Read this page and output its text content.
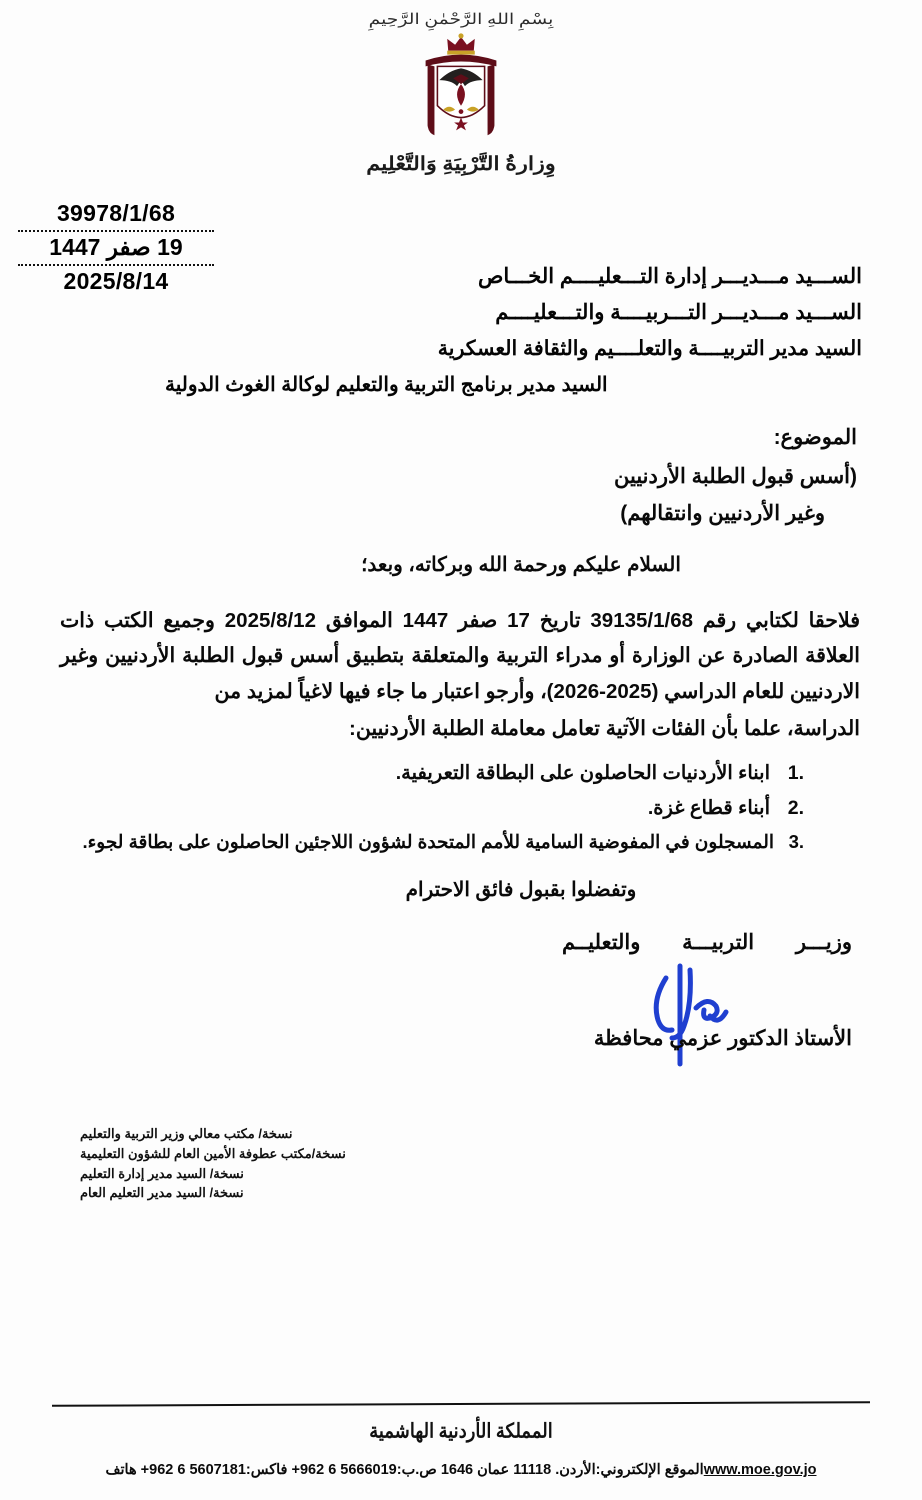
بِسْمِ اللهِ الرَّحْمٰنِ الرَّحِيمِ
وِزارةُ التَّرْبِيَةِ وَالتَّعْلِيم
39978/1/68
19 صفر 1447
2025/8/14	الســـيد مـــديـــر إدارة التـــعليــــم الخـــاص
الســـيد مـــديـــر التـــربيــــة والتـــعليــــم
السيد مدير التربيــــة والتعلــــيم والثقافة العسكرية
السيد مدير برنامج التربية والتعليم لوكالة الغوث الدولية
الموضوع:
(أسس قبول الطلبة الأردنيين
وغير الأردنيين وانتقالهم)
السلام عليكم ورحمة الله وبركاته، وبعد؛
فلاحقا لكتابي رقم 39135/1/68 تاريخ 17 صفر 1447 الموافق 2025/8/12 وجميع الكتب ذات العلاقة الصادرة عن الوزارة أو مدراء التربية والمتعلقة بتطبيق أسس قبول الطلبة الأردنيين وغير الاردنيين للعام الدراسي (2025-2026)، وأرجو اعتبار ما جاء فيها لاغياً لمزيد من
الدراسة، علما بأن الفئات الآتية تعامل معاملة الطلبة الأردنيين:
ابناء الأردنيات الحاصلون على البطاقة التعريفية.
أبناء قطاع غزة.
المسجلون في المفوضية السامية للأمم المتحدة لشؤون اللاجئين الحاصلون على بطاقة لجوء.
وتفضلوا بقبول فائق الاحترام
وزيـــر التربيـــة والتعليــم
الأستاذ الدكتور عزمي محافظة
نسخة/ مكتب معالي وزير التربية والتعليم
نسخة/مكتب عطوفة الأمين العام للشؤون التعليمية
نسخة/ السيد مدير إدارة التعليم
نسخة/ السيد مدير التعليم العام
المملكة الأردنية الهاشمية
www.moe.gov.joالموقع الإلكتروني:الأردن. 11118 عمان 1646 ص.ب:+962 6 5666019 فاكس:+962 6 5607181 هاتف
